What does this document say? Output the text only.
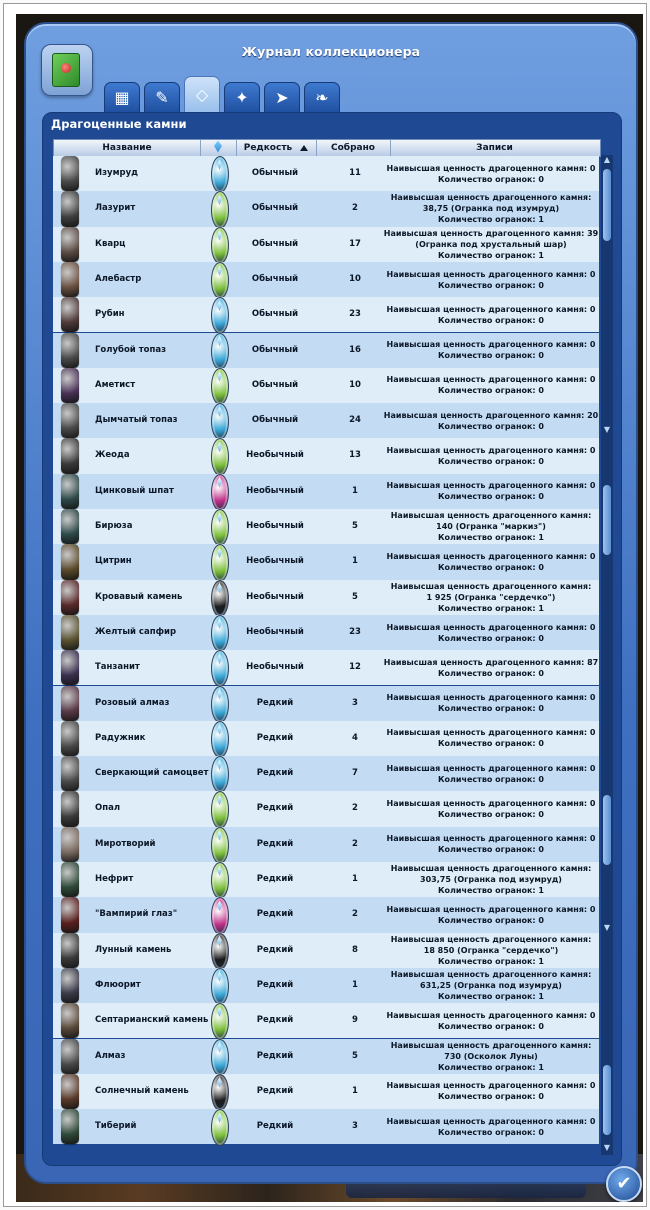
Журнал коллекционера
▦	✎	◇	✦	➤	❧
Драгоценные камни
Название	Редкость	Собрано	Записи
Изумруд	Обычный	11	Наивысшая ценность драгоценного камня: 0
Количество огранок: 0
Лазурит	Обычный	2
Наивысшая ценность драгоценного камня:
38,75 (Огранка под изумруд)
Количество огранок: 1
Кварц	Обычный	17
Наивысшая ценность драгоценного камня: 39
(Огранка под хрустальный шар)
Количество огранок: 1
Алебастр	Обычный	10	Наивысшая ценность драгоценного камня: 0
Количество огранок: 0
Рубин	Обычный	23	Наивысшая ценность драгоценного камня: 0
Количество огранок: 0
Голубой топаз	Обычный	16	Наивысшая ценность драгоценного камня: 0
Количество огранок: 0
Аметист	Обычный	10	Наивысшая ценность драгоценного камня: 0
Количество огранок: 0
Дымчатый топаз	Обычный	24	Наивысшая ценность драгоценного камня: 20
Количество огранок: 0
Жеода	Необычный	13	Наивысшая ценность драгоценного камня: 0
Количество огранок: 0
Цинковый шпат	Необычный	1	Наивысшая ценность драгоценного камня: 0
Количество огранок: 0
Бирюза	Необычный	5
Наивысшая ценность драгоценного камня:
140 (Огранка "маркиз")
Количество огранок: 1
Цитрин	Необычный	1	Наивысшая ценность драгоценного камня: 0
Количество огранок: 0
Кровавый камень	Необычный	5
Наивысшая ценность драгоценного камня:
1 925 (Огранка "сердечко")
Количество огранок: 1
Желтый сапфир	Необычный	23	Наивысшая ценность драгоценного камня: 0
Количество огранок: 0
Танзанит	Необычный	12	Наивысшая ценность драгоценного камня: 87
Количество огранок: 0
Розовый алмаз	Редкий	3	Наивысшая ценность драгоценного камня: 0
Количество огранок: 0
Радужник	Редкий	4	Наивысшая ценность драгоценного камня: 0
Количество огранок: 0
Сверкающий самоцвет	Редкий	7	Наивысшая ценность драгоценного камня: 0
Количество огранок: 0
Опал	Редкий	2	Наивысшая ценность драгоценного камня: 0
Количество огранок: 0
Миротворий	Редкий	2	Наивысшая ценность драгоценного камня: 0
Количество огранок: 0
Нефрит	Редкий	1
Наивысшая ценность драгоценного камня:
303,75 (Огранка под изумруд)
Количество огранок: 1
"Вампирий глаз"	Редкий	2	Наивысшая ценность драгоценного камня: 0
Количество огранок: 0
Лунный камень	Редкий	8
Наивысшая ценность драгоценного камня:
18 850 (Огранка "сердечко")
Количество огранок: 1
Флюорит	Редкий	1
Наивысшая ценность драгоценного камня:
631,25 (Огранка под изумруд)
Количество огранок: 1
Септарианский камень	Редкий	9	Наивысшая ценность драгоценного камня: 0
Количество огранок: 0
Алмаз	Редкий	5
Наивысшая ценность драгоценного камня:
730 (Осколок Луны)
Количество огранок: 1
Солнечный камень	Редкий	1	Наивысшая ценность драгоценного камня: 0
Количество огранок: 0
Тиберий	Редкий	3	Наивысшая ценность драгоценного камня: 0
Количество огранок: 0
▲
▼
▼
▼
✔
